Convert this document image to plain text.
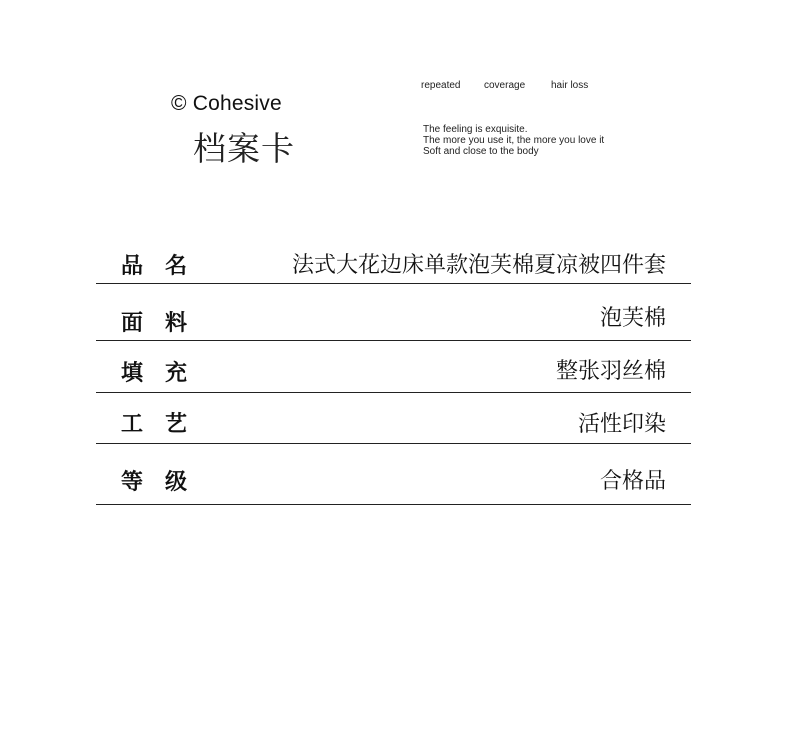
© Cohesive
档案卡
repeated coverage	hair loss
The feeling is exquisite.
The more you use it, the more you love it
Soft and close to the body
品　名	法式大花边床单款泡芙棉夏凉被四件套
面　料	泡芙棉
填　充	整张羽丝棉
工　艺	活性印染
等　级	合格品
